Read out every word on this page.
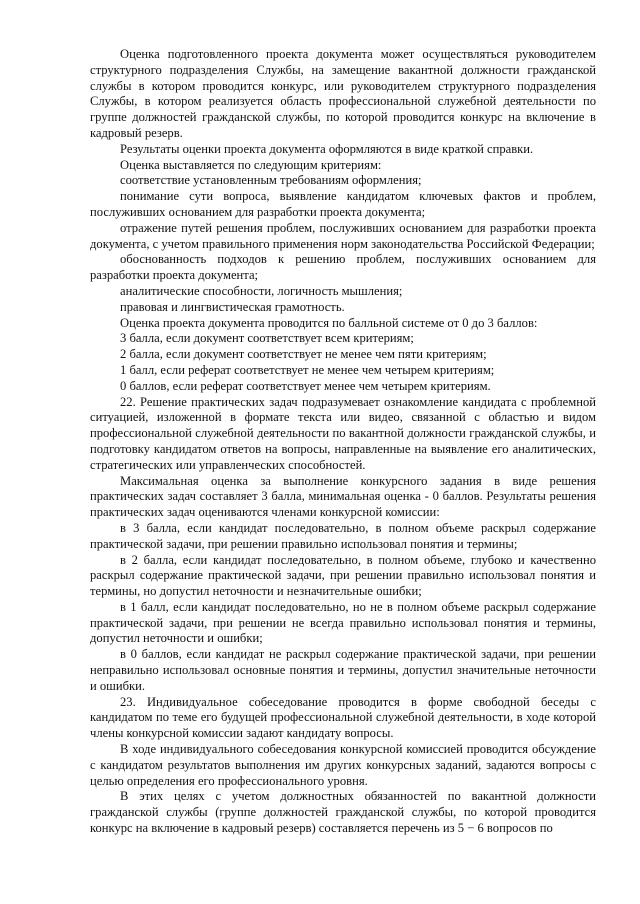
Оценка подготовленного проекта документа может осуществляться руководителем структурного подразделения Службы, на замещение вакантной должности гражданской службы в котором проводится конкурс, или руководителем структурного подразделения Службы, в котором реализуется область профессиональной служебной деятельности по группе должностей гражданской службы, по которой проводится конкурс на включение в кадровый резерв.

Результаты оценки проекта документа оформляются в виде краткой справки.

Оценка выставляется по следующим критериям:

соответствие установленным требованиям оформления;

понимание сути вопроса, выявление кандидатом ключевых фактов и проблем, послуживших основанием для разработки проекта документа;

отражение путей решения проблем, послуживших основанием для разработки проекта документа, с учетом правильного применения норм законодательства Российской Федерации;

обоснованность подходов к решению проблем, послуживших основанием для разработки проекта документа;

аналитические способности, логичность мышления;

правовая и лингвистическая грамотность.

Оценка проекта документа проводится по балльной системе от 0 до 3 баллов:

3 балла, если документ соответствует всем критериям;

2 балла, если документ соответствует не менее чем пяти критериям;

1 балл, если реферат соответствует не менее чем четырем критериям;

0 баллов, если реферат соответствует менее чем четырем критериям.

22. Решение практических задач подразумевает ознакомление кандидата с проблемной ситуацией, изложенной в формате текста или видео, связанной с областью и видом профессиональной служебной деятельности по вакантной должности гражданской службы, и подготовку кандидатом ответов на вопросы, направленные на выявление его аналитических, стратегических или управленческих способностей.

Максимальная оценка за выполнение конкурсного задания в виде решения практических задач составляет 3 балла, минимальная оценка - 0 баллов. Результаты решения практических задач оцениваются членами конкурсной комиссии:

в 3 балла, если кандидат последовательно, в полном объеме раскрыл содержание практической задачи, при решении правильно использовал понятия и термины;

в 2 балла, если кандидат последовательно, в полном объеме, глубоко и качественно раскрыл содержание практической задачи, при решении правильно использовал понятия и термины, но допустил неточности и незначительные ошибки;

в 1 балл, если кандидат последовательно, но не в полном объеме раскрыл содержание практической задачи, при решении не всегда правильно использовал понятия и термины, допустил неточности и ошибки;

в 0 баллов, если кандидат не раскрыл содержание практической задачи, при решении неправильно использовал основные понятия и термины, допустил значительные неточности и ошибки.

23. Индивидуальное собеседование проводится в форме свободной беседы с кандидатом по теме его будущей профессиональной служебной деятельности, в ходе которой члены конкурсной комиссии задают кандидату вопросы.

В ходе индивидуального собеседования конкурсной комиссией проводится обсуждение с кандидатом результатов выполнения им других конкурсных заданий, задаются вопросы с целью определения его профессионального уровня.

В этих целях с учетом должностных обязанностей по вакантной должности гражданской службы (группе должностей гражданской службы, по которой проводится конкурс на включение в кадровый резерв) составляется перечень из 5 − 6 вопросов по
